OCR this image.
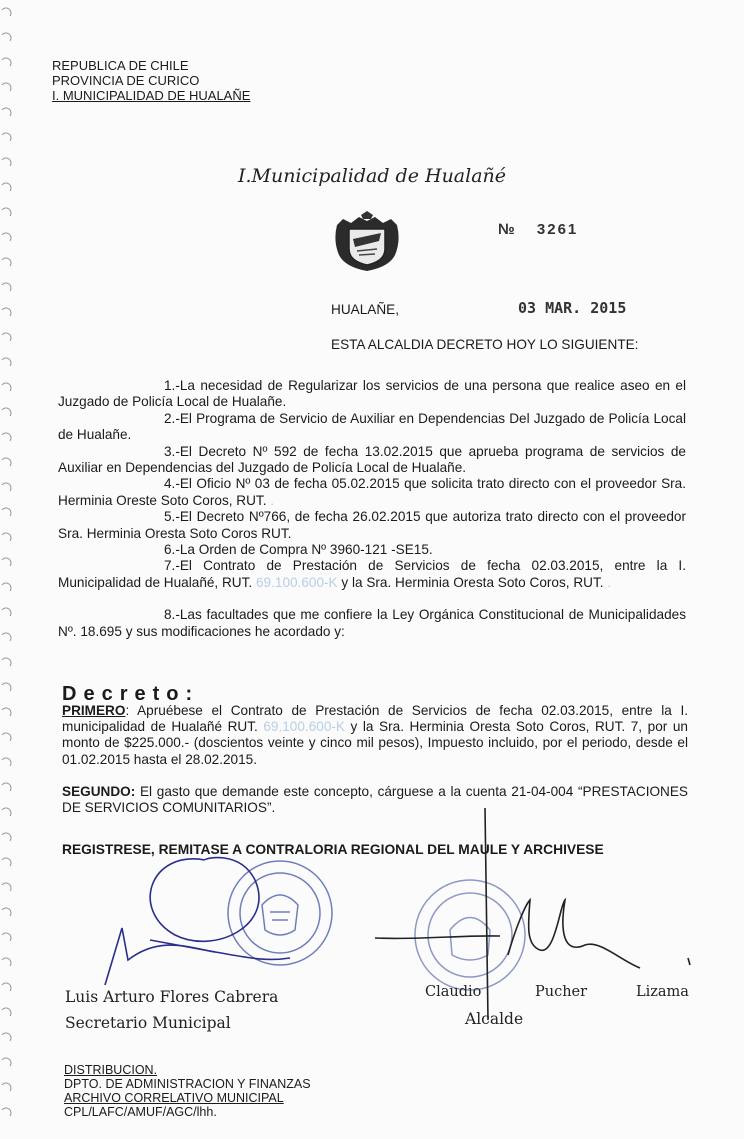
REPUBLICA DE CHILE
PROVINCIA DE CURICO
I. MUNICIPALIDAD DE HUALAÑE
I.Municipalidad de Hualañé
№ 3261
HUALAÑE,	03 MAR. 2015
ESTA ALCALDIA DECRETO HOY LO SIGUIENTE:

1.-La necesidad de Regularizar los servicios de una persona que realice aseo en el Juzgado de Policía Local de Hualañe.

2.-El Programa de Servicio de Auxiliar en Dependencias Del Juzgado de Policía Local de Hualañe.

3.-El Decreto Nº 592 de fecha 13.02.2015 que aprueba programa de servicios de Auxiliar en Dependencias del Juzgado de Policía Local de Hualañe.

4.-El Oficio Nº 03 de fecha 05.02.2015 que solicita trato directo con el proveedor Sra. Herminia Oreste Soto Coros, RUT. .

5.-El Decreto Nº766, de fecha 26.02.2015 que autoriza trato directo con el proveedor Sra. Herminia Oresta Soto Coros RUT.

6.-La Orden de Compra Nº 3960-121 -SE15.

7.-El Contrato de Prestación de Servicios de fecha 02.03.2015, entre la I. Municipalidad de Hualañé, RUT. 69.100.600-K y la Sra. Herminia Oresta Soto Coros, RUT. .

8.-Las facultades que me confiere la Ley Orgánica Constitucional de Municipalidades Nº. 18.695 y sus modificaciones he acordado y:

Decreto:

PRIMERO: Apruébese el Contrato de Prestación de Servicios de fecha 02.03.2015, entre la I. municipalidad de Hualañé RUT. 69.100.600-K y la Sra. Herminia Oresta Soto Coros, RUT. 7, por un monto de $225.000.- (doscientos veinte y cinco mil pesos), Impuesto incluido, por el periodo, desde el 01.02.2015 hasta el 28.02.2015.

SEGUNDO: El gasto que demande este concepto, cárguese a la cuenta 21-04-004 “PRESTACIONES DE SERVICIOS COMUNITARIOS”.

REGISTRESE, REMITASE A CONTRALORIA REGIONAL DEL MAULE Y ARCHIVESE
Luis Arturo Flores Cabrera
Secretario Municipal
Claudio	Pucher	Lizama
Alcalde
DISTRIBUCION.
DPTO. DE ADMINISTRACION Y FINANZAS
ARCHIVO CORRELATIVO MUNICIPAL
CPL/LAFC/AMUF/AGC/lhh.
